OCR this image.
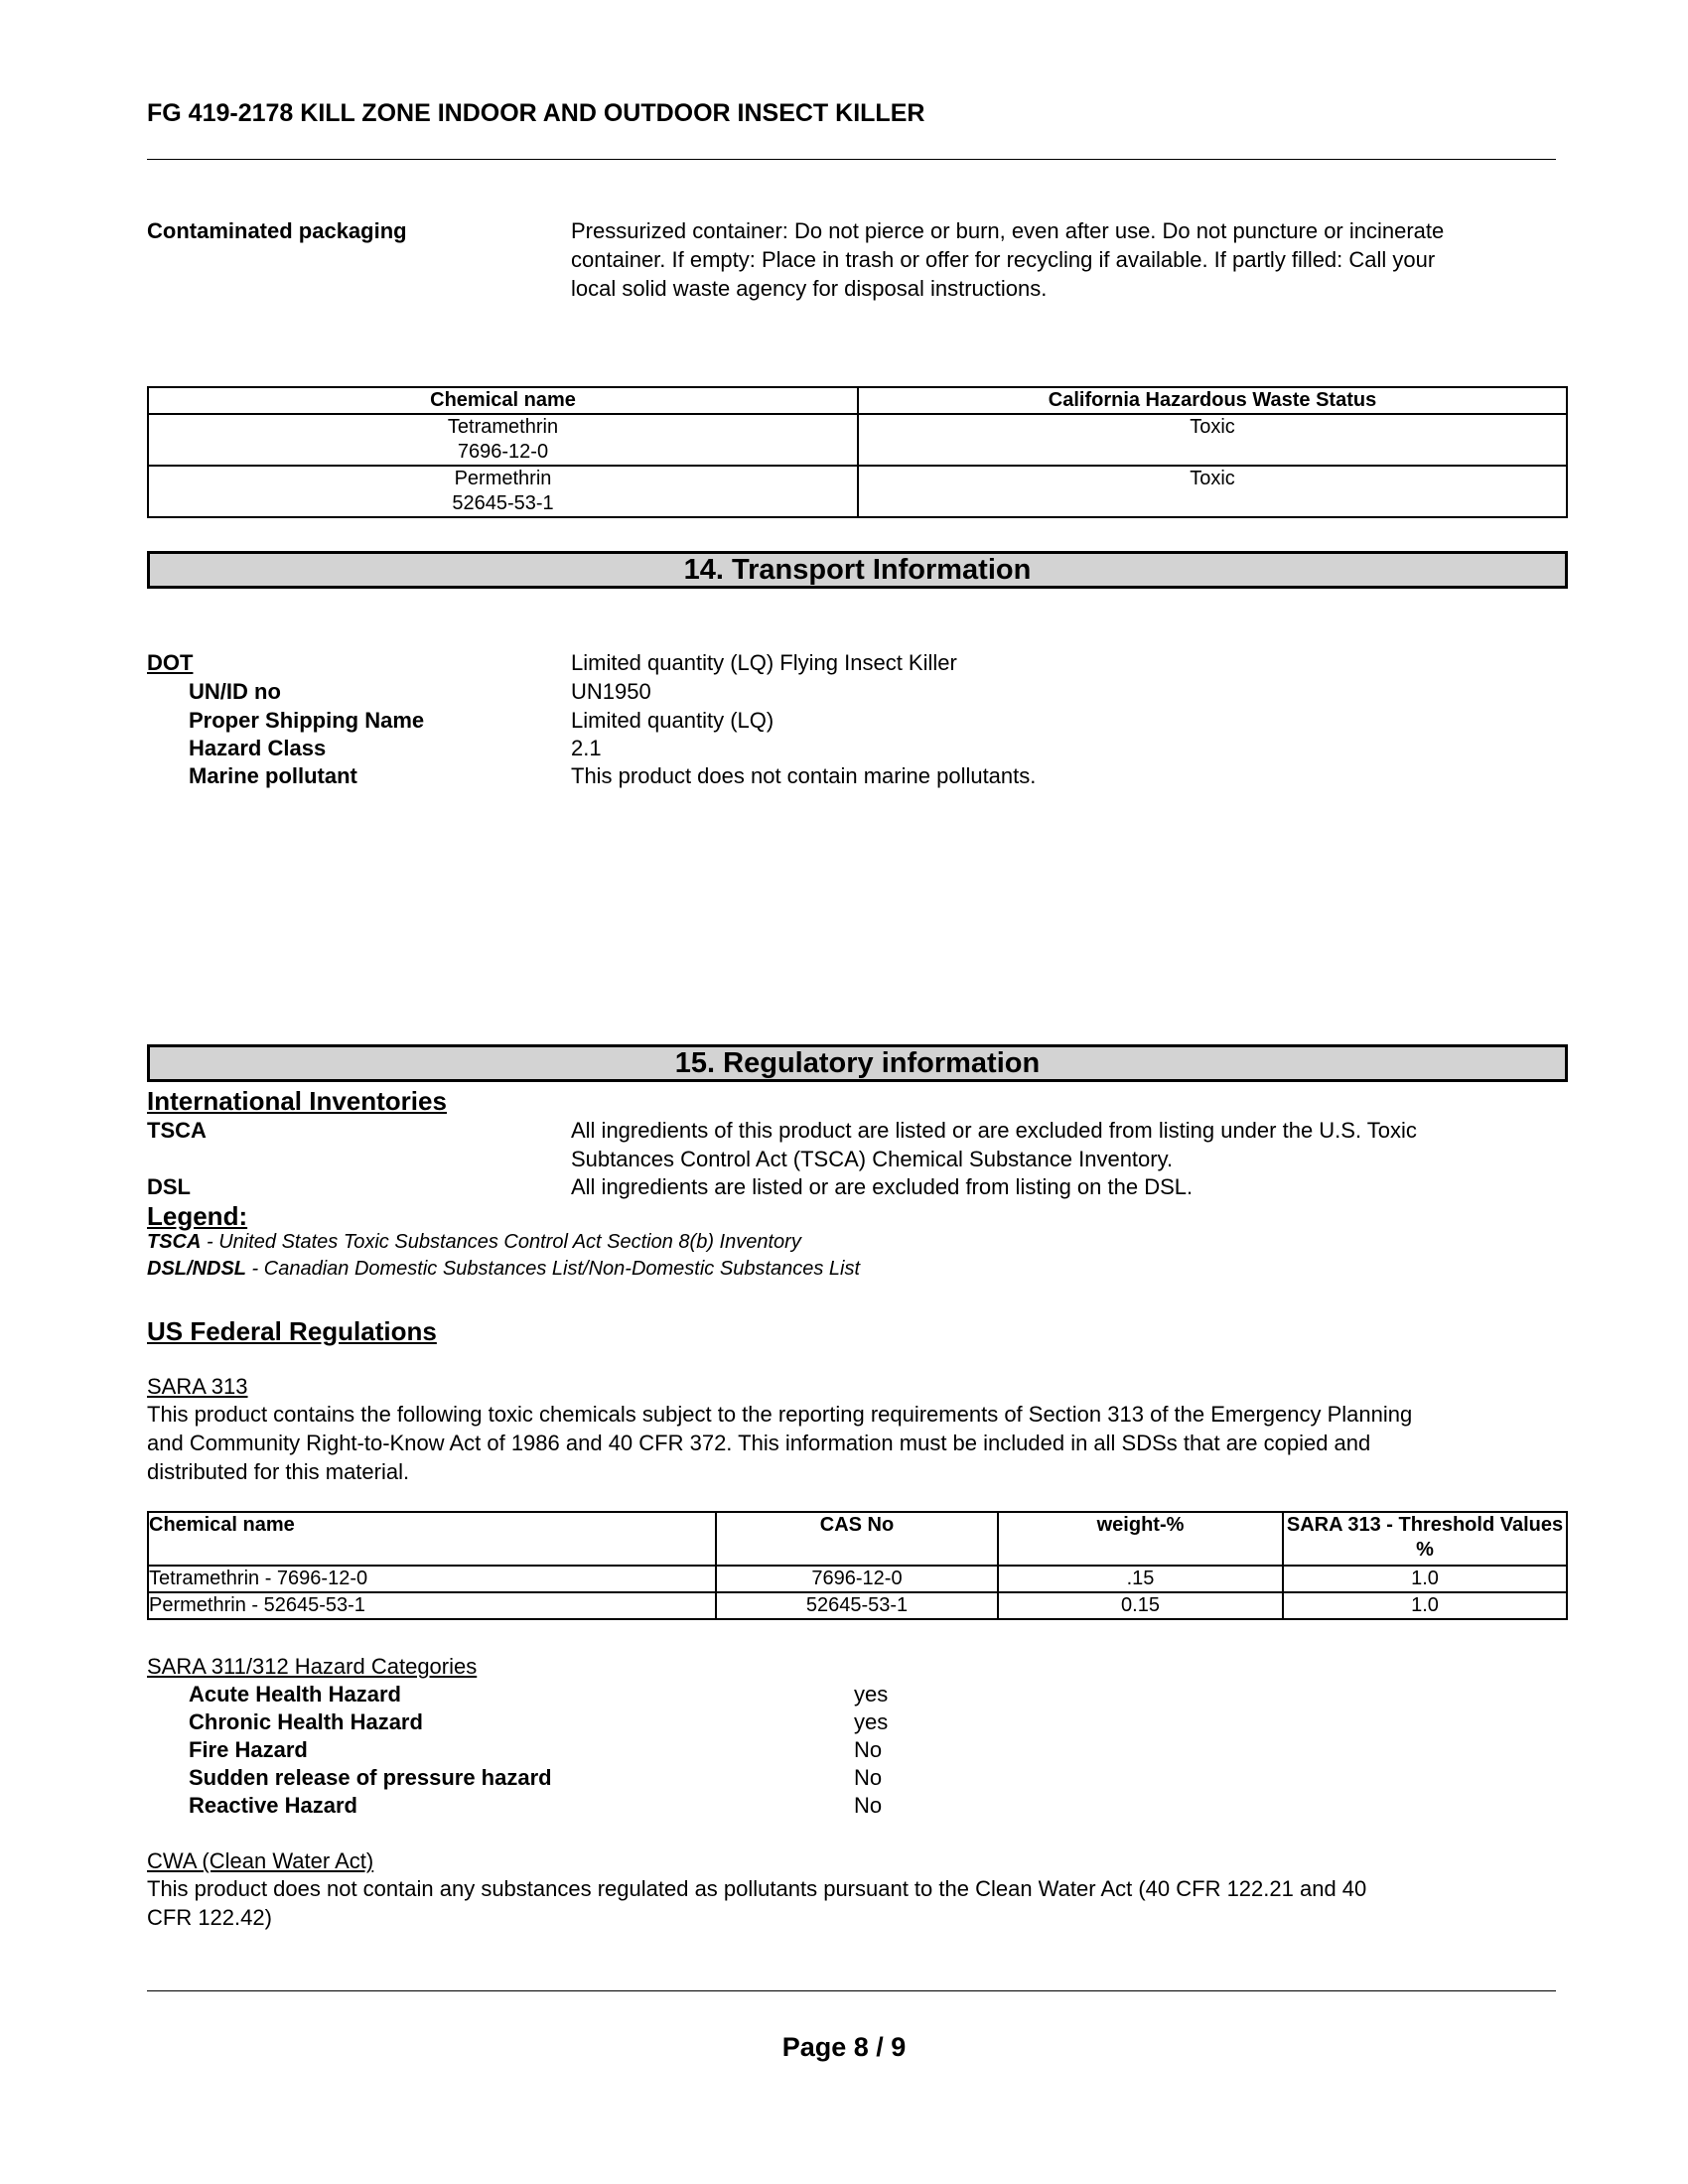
FG 419-2178 KILL ZONE INDOOR AND OUTDOOR INSECT KILLER
Contaminated packaging	Pressurized container: Do not pierce or burn, even after use. Do not puncture or incinerate
container. If empty: Place in trash or offer for recycling if available. If partly filled: Call your
local solid waste agency for disposal instructions.
Chemical name	California Hazardous Waste Status

Tetramethrin
7696-12-0	Toxic

Permethrin
52645-53-1	Toxic
14. Transport Information
DOT	Limited quantity (LQ) Flying Insect Killer
UN/ID no	UN1950
Proper Shipping Name	Limited quantity (LQ)
Hazard Class	2.1
Marine pollutant	This product does not contain marine pollutants.
15. Regulatory information
International Inventories
TSCA	All ingredients of this product are listed or are excluded from listing under the U.S. Toxic
Subtances Control Act (TSCA) Chemical Substance Inventory.
DSL	All ingredients are listed or are excluded from listing on the DSL.
Legend:
TSCA - United States Toxic Substances Control Act Section 8(b) Inventory
DSL/NDSL - Canadian Domestic Substances List/Non-Domestic Substances List
US Federal Regulations
SARA 313
This product contains the following toxic chemicals subject to the reporting requirements of Section 313 of the Emergency Planning
and Community Right-to-Know Act of 1986 and 40 CFR 372. This information must be included in all SDSs that are copied and
distributed for this material.
Chemical name	CAS No	weight-%	SARA 313 - Threshold Values %
Tetramethrin - 7696-12-0	7696-12-0	.15	1.0
Permethrin - 52645-53-1	52645-53-1	0.15	1.0
SARA 311/312 Hazard Categories
Acute Health Hazard	yes
Chronic Health Hazard	yes
Fire Hazard	No
Sudden release of pressure hazard	No
Reactive Hazard	No
CWA (Clean Water Act)
This product does not contain any substances regulated as pollutants pursuant to the Clean Water Act (40 CFR 122.21 and 40
CFR 122.42)
Page 8 / 9
